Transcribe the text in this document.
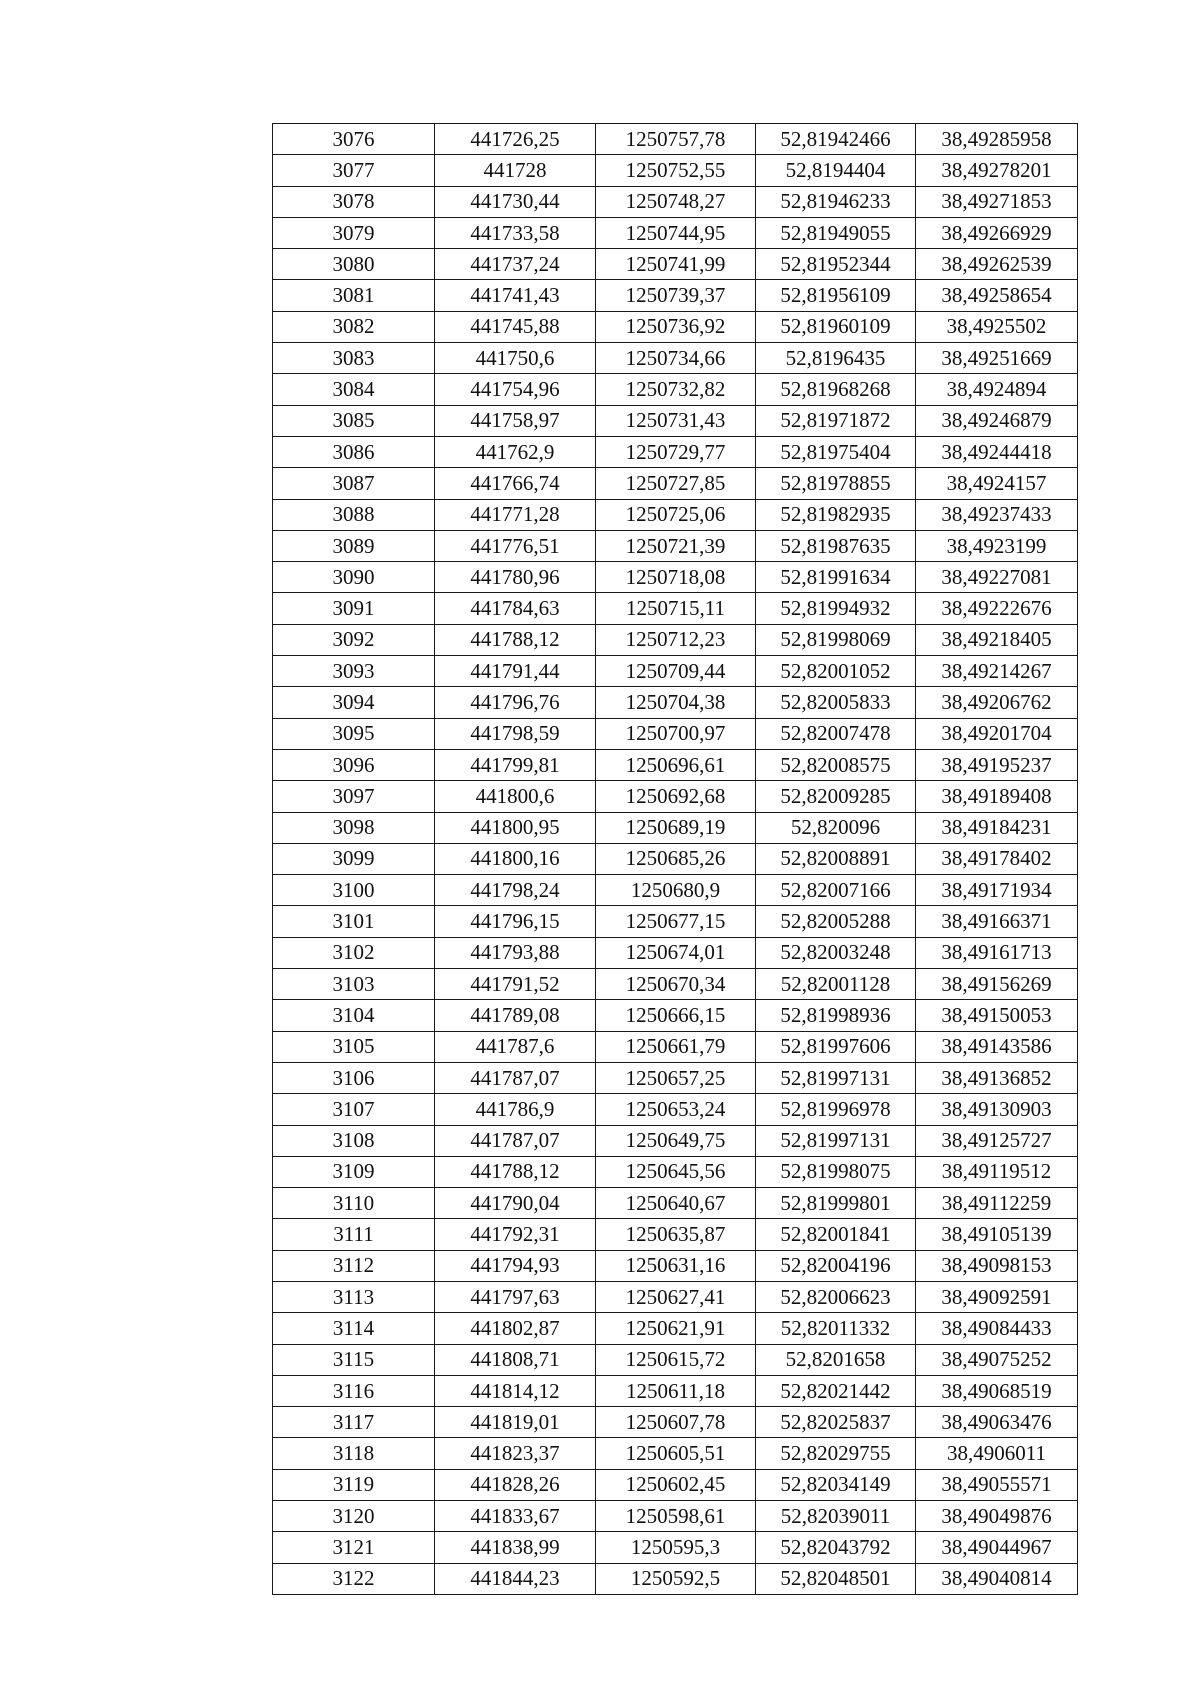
3076	441726,25	1250757,78	52,81942466	38,49285958
3077	441728	1250752,55	52,8194404	38,49278201
3078	441730,44	1250748,27	52,81946233	38,49271853
3079	441733,58	1250744,95	52,81949055	38,49266929
3080	441737,24	1250741,99	52,81952344	38,49262539
3081	441741,43	1250739,37	52,81956109	38,49258654
3082	441745,88	1250736,92	52,81960109	38,4925502
3083	441750,6	1250734,66	52,8196435	38,49251669
3084	441754,96	1250732,82	52,81968268	38,4924894
3085	441758,97	1250731,43	52,81971872	38,49246879
3086	441762,9	1250729,77	52,81975404	38,49244418
3087	441766,74	1250727,85	52,81978855	38,4924157
3088	441771,28	1250725,06	52,81982935	38,49237433
3089	441776,51	1250721,39	52,81987635	38,4923199
3090	441780,96	1250718,08	52,81991634	38,49227081
3091	441784,63	1250715,11	52,81994932	38,49222676
3092	441788,12	1250712,23	52,81998069	38,49218405
3093	441791,44	1250709,44	52,82001052	38,49214267
3094	441796,76	1250704,38	52,82005833	38,49206762
3095	441798,59	1250700,97	52,82007478	38,49201704
3096	441799,81	1250696,61	52,82008575	38,49195237
3097	441800,6	1250692,68	52,82009285	38,49189408
3098	441800,95	1250689,19	52,820096	38,49184231
3099	441800,16	1250685,26	52,82008891	38,49178402
3100	441798,24	1250680,9	52,82007166	38,49171934
3101	441796,15	1250677,15	52,82005288	38,49166371
3102	441793,88	1250674,01	52,82003248	38,49161713
3103	441791,52	1250670,34	52,82001128	38,49156269
3104	441789,08	1250666,15	52,81998936	38,49150053
3105	441787,6	1250661,79	52,81997606	38,49143586
3106	441787,07	1250657,25	52,81997131	38,49136852
3107	441786,9	1250653,24	52,81996978	38,49130903
3108	441787,07	1250649,75	52,81997131	38,49125727
3109	441788,12	1250645,56	52,81998075	38,49119512
3110	441790,04	1250640,67	52,81999801	38,49112259
3111	441792,31	1250635,87	52,82001841	38,49105139
3112	441794,93	1250631,16	52,82004196	38,49098153
3113	441797,63	1250627,41	52,82006623	38,49092591
3114	441802,87	1250621,91	52,82011332	38,49084433
3115	441808,71	1250615,72	52,8201658	38,49075252
3116	441814,12	1250611,18	52,82021442	38,49068519
3117	441819,01	1250607,78	52,82025837	38,49063476
3118	441823,37	1250605,51	52,82029755	38,4906011
3119	441828,26	1250602,45	52,82034149	38,49055571
3120	441833,67	1250598,61	52,82039011	38,49049876
3121	441838,99	1250595,3	52,82043792	38,49044967
3122	441844,23	1250592,5	52,82048501	38,49040814
